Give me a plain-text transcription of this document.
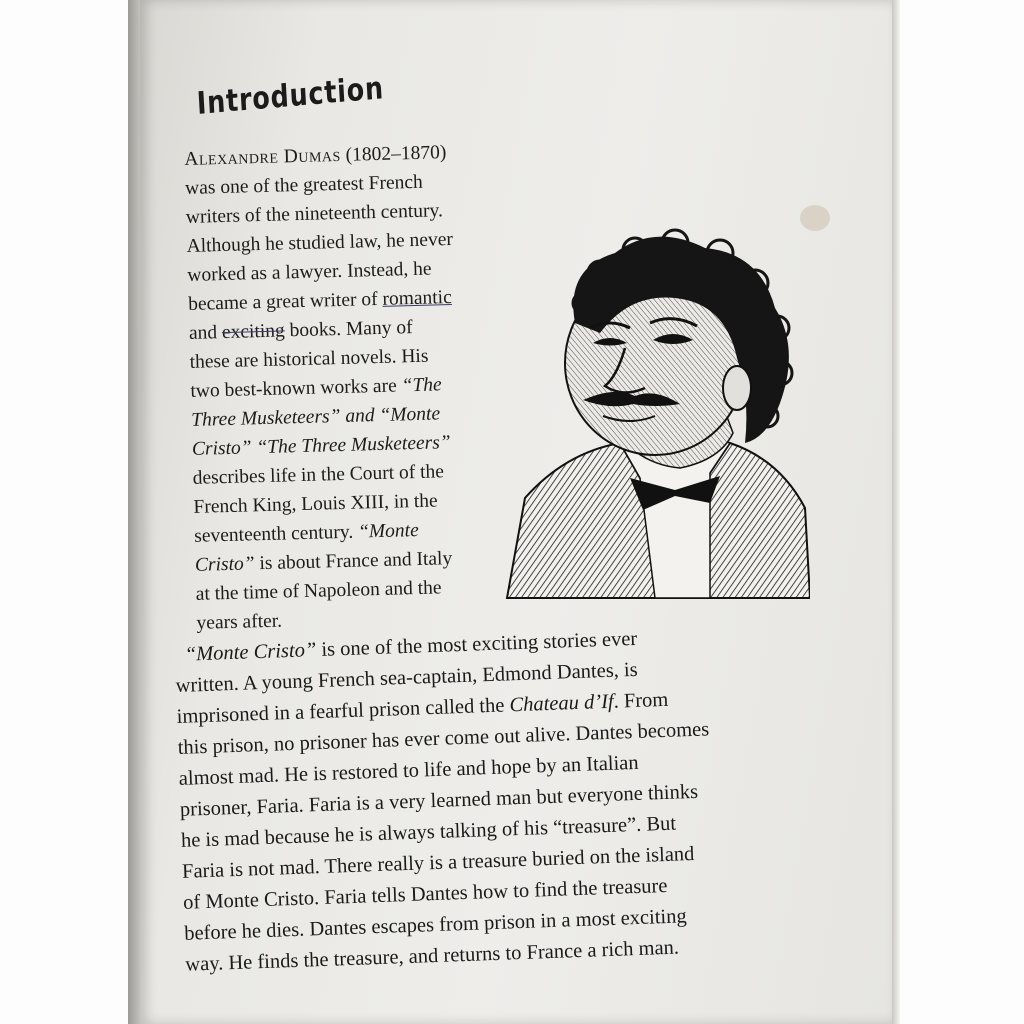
Introduction
Alexandre Dumas (1802–1870)
was one of the greatest French
writers of the nineteenth century.
Although he studied law, he never
worked as a lawyer. Instead, he
became a great writer of romantic
and exciting books. Many of
these are historical novels. His
two best-known works are “The
Three Musketeers” and “Monte
Cristo” “The Three Musketeers”
describes life in the Court of the
French King, Louis XIII, in the
seventeenth century. “Monte
Cristo” is about France and Italy
at the time of Napoleon and the
years after.
“Monte Cristo” is one of the most exciting stories ever
written. A young French sea-captain, Edmond Dantes, is
imprisoned in a fearful prison called the Chateau d’If. From
this prison, no prisoner has ever come out alive. Dantes becomes
almost mad. He is restored to life and hope by an Italian
prisoner, Faria. Faria is a very learned man but everyone thinks
he is mad because he is always talking of his “treasure”. But
Faria is not mad. There really is a treasure buried on the island
of Monte Cristo. Faria tells Dantes how to find the treasure
before he dies. Dantes escapes from prison in a most exciting
way. He finds the treasure, and returns to France a rich man.
